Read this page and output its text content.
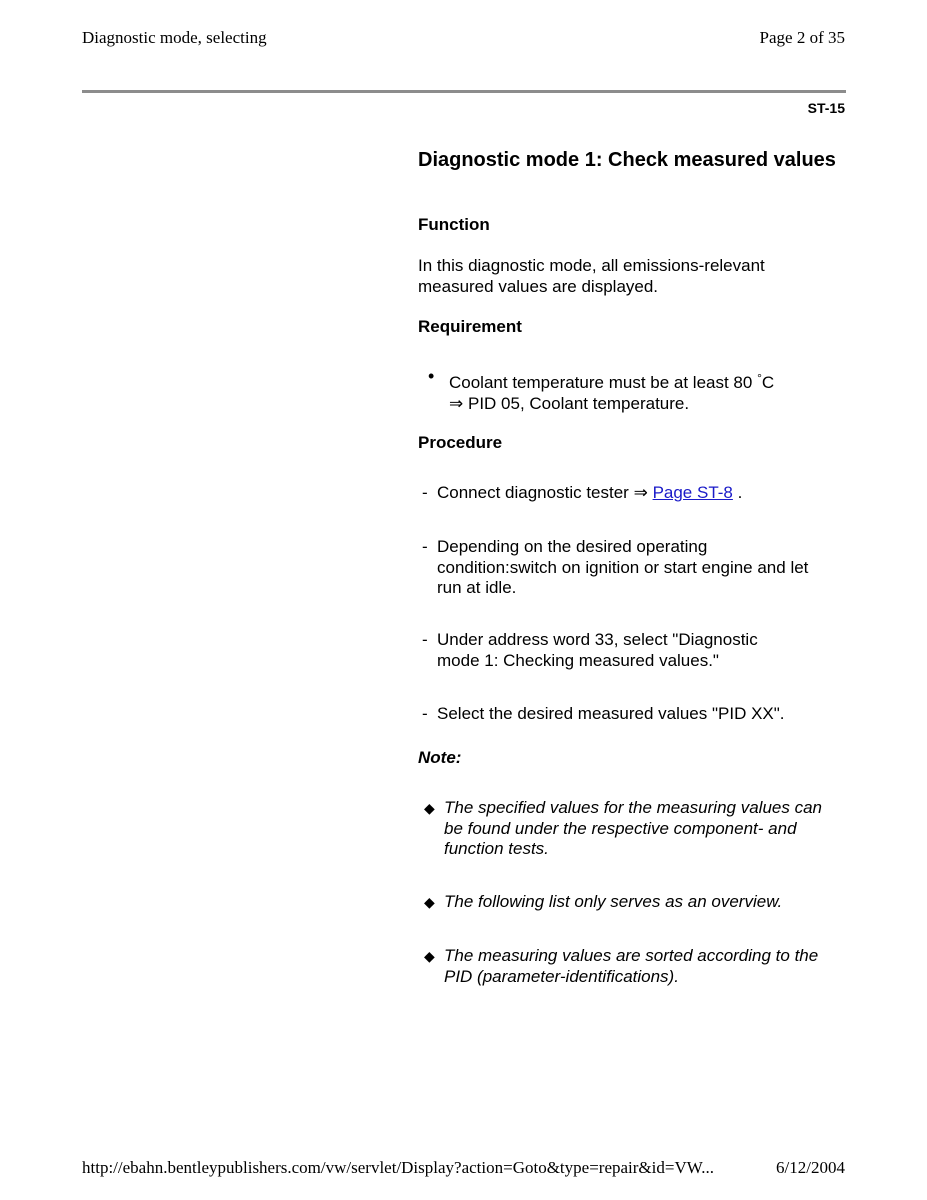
Diagnostic mode, selecting	Page 2 of 35
ST-15
Diagnostic mode 1: Check measured values
Function
In this diagnostic mode, all emissions-relevant measured values are displayed.
Requirement
• Coolant temperature must be at least 80 °C
⇒ PID 05, Coolant temperature.
Procedure
- Connect diagnostic tester ⇒ Page ST-8 .
- Depending on the desired operating condition:switch on ignition or start engine and let run at idle.
- Under address word 33, select "Diagnostic mode 1: Checking measured values."
- Select the desired measured values "PID XX".
Note:
◆ The specified values for the measuring values can be found under the respective component- and function tests.
◆ The following list only serves as an overview.
◆ The measuring values are sorted according to the PID (parameter-identifications).
http://ebahn.bentleypublishers.com/vw/servlet/Display?action=Goto&type=repair&id=VW...	6/12/2004
